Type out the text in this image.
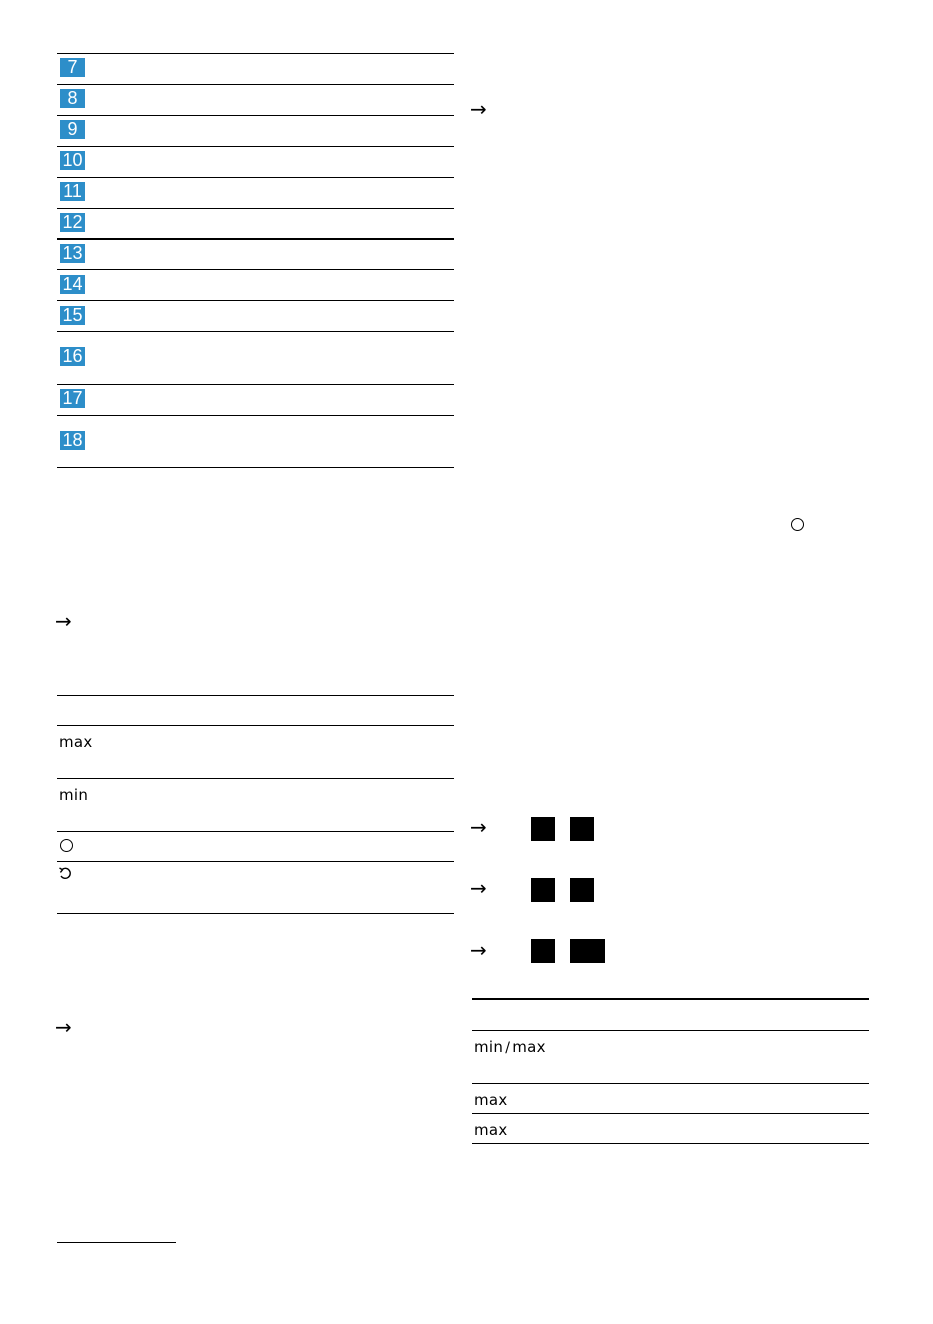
7
8
9
10
11
12
13
14
15
16
17
18
→
max
min
→
→
→
→
→
min / max
max
max
